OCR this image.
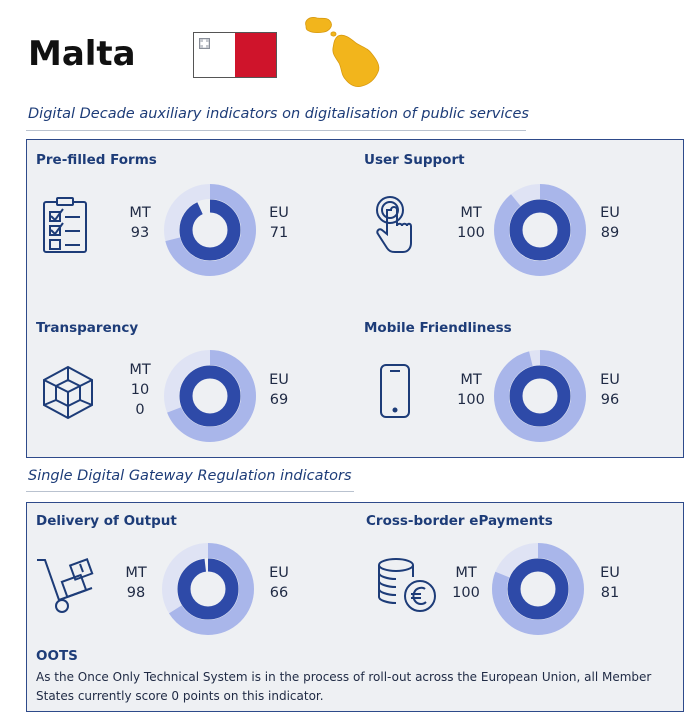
Malta
Digital Decade auxiliary indicators on digitalisation of public services
Single Digital Gateway Regulation indicators
Pre-filled Forms
MT
93
EU
71
User Support
MT
100
EU
89
Transparency
MT
10
0
EU
69
Mobile Friendliness
MT
100
EU
96
Delivery of Output
MT
98
EU
66
Cross-border ePayments
MT
100
EU
81
OOTS
As the Once Only Technical System is in the process of roll-out across the European Union, all Member States currently score 0 points on this indicator.
